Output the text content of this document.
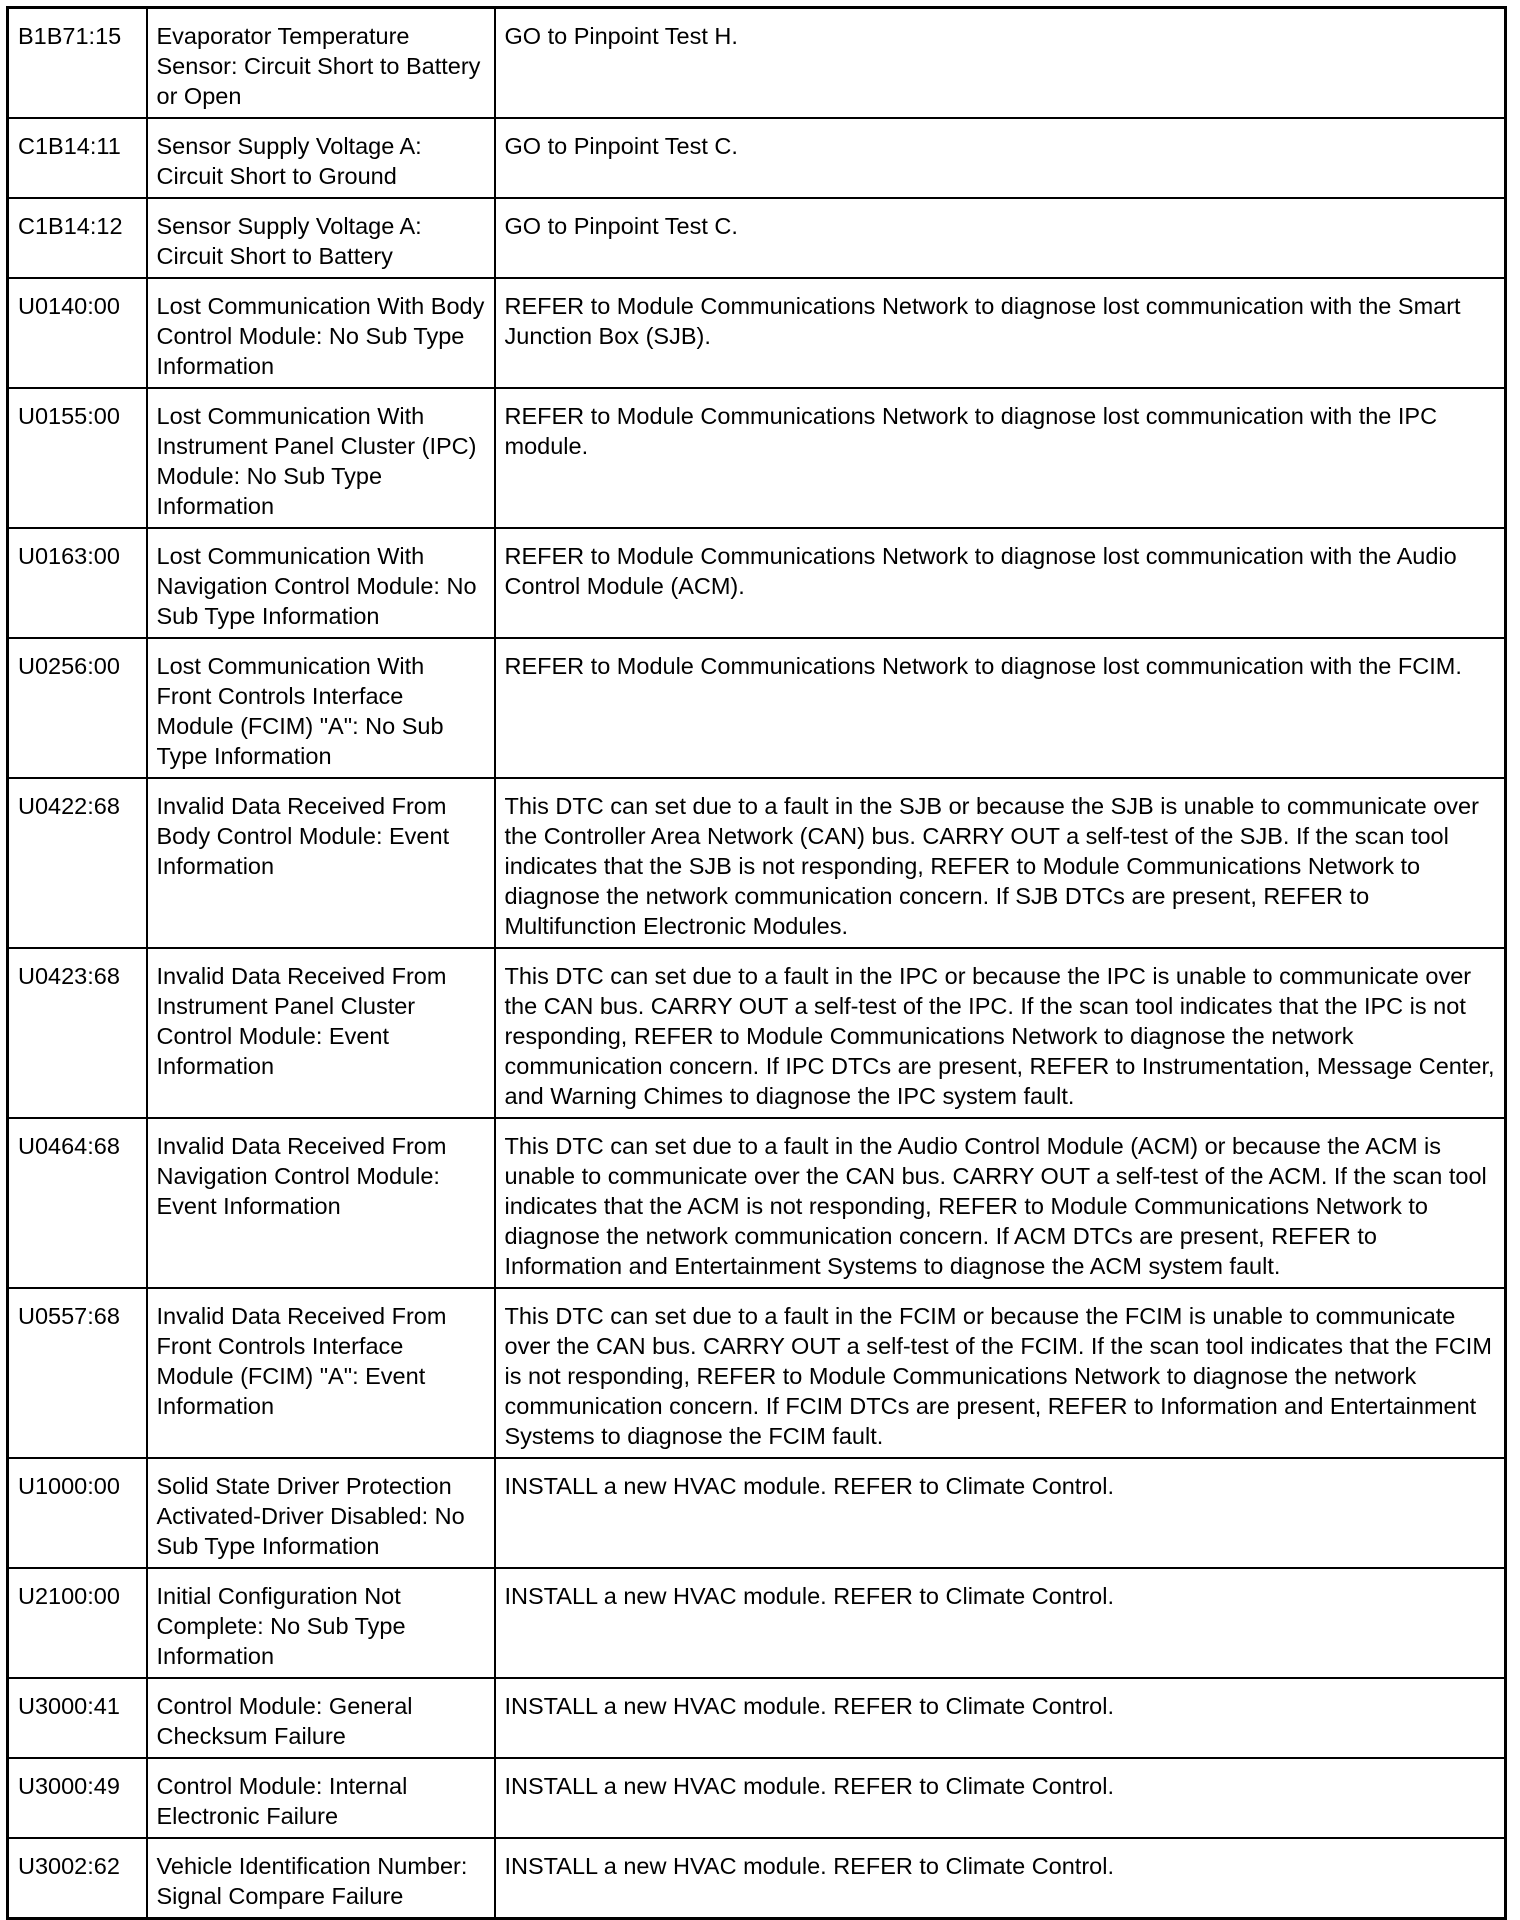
B1B71:15	Evaporator Temperature Sensor: Circuit Short to Battery or Open	GO to Pinpoint Test H.
C1B14:11	Sensor Supply Voltage A: Circuit Short to Ground	GO to Pinpoint Test C.
C1B14:12	Sensor Supply Voltage A: Circuit Short to Battery	GO to Pinpoint Test C.
U0140:00	Lost Communication With Body Control Module: No Sub Type Information	REFER to Module Communications Network to diagnose lost communication with the Smart Junction Box (SJB).
U0155:00	Lost Communication With Instrument Panel Cluster (IPC) Module: No Sub Type Information	REFER to Module Communications Network to diagnose lost communication with the IPC module.
U0163:00	Lost Communication With Navigation Control Module: No Sub Type Information	REFER to Module Communications Network to diagnose lost communication with the Audio Control Module (ACM).
U0256:00	Lost Communication With Front Controls Interface Module (FCIM) "A": No Sub Type Information	REFER to Module Communications Network to diagnose lost communication with the FCIM.
U0422:68	Invalid Data Received From Body Control Module: Event Information	This DTC can set due to a fault in the SJB or because the SJB is unable to communicate over the Controller Area Network (CAN) bus. CARRY OUT a self-test of the SJB. If the scan tool indicates that the SJB is not responding, REFER to Module Communications Network to diagnose the network communication concern. If SJB DTCs are present, REFER to Multifunction Electronic Modules.
U0423:68	Invalid Data Received From Instrument Panel Cluster Control Module: Event Information	This DTC can set due to a fault in the IPC or because the IPC is unable to communicate over the CAN bus. CARRY OUT a self-test of the IPC. If the scan tool indicates that the IPC is not responding, REFER to Module Communications Network to diagnose the network communication concern. If IPC DTCs are present, REFER to Instrumentation, Message Center, and Warning Chimes to diagnose the IPC system fault.
U0464:68	Invalid Data Received From Navigation Control Module: Event Information	This DTC can set due to a fault in the Audio Control Module (ACM) or because the ACM is unable to communicate over the CAN bus. CARRY OUT a self-test of the ACM. If the scan tool indicates that the ACM is not responding, REFER to Module Communications Network to diagnose the network communication concern. If ACM DTCs are present, REFER to Information and Entertainment Systems to diagnose the ACM system fault.
U0557:68	Invalid Data Received From Front Controls Interface Module (FCIM) "A": Event Information	This DTC can set due to a fault in the FCIM or because the FCIM is unable to communicate over the CAN bus. CARRY OUT a self-test of the FCIM. If the scan tool indicates that the FCIM is not responding, REFER to Module Communications Network to diagnose the network communication concern. If FCIM DTCs are present, REFER to Information and Entertainment Systems to diagnose the FCIM fault.
U1000:00	Solid State Driver Protection Activated-Driver Disabled: No Sub Type Information	INSTALL a new HVAC module. REFER to Climate Control.
U2100:00	Initial Configuration Not Complete: No Sub Type Information	INSTALL a new HVAC module. REFER to Climate Control.
U3000:41	Control Module: General Checksum Failure	INSTALL a new HVAC module. REFER to Climate Control.
U3000:49	Control Module: Internal Electronic Failure	INSTALL a new HVAC module. REFER to Climate Control.
U3002:62	Vehicle Identification Number: Signal Compare Failure	INSTALL a new HVAC module. REFER to Climate Control.
